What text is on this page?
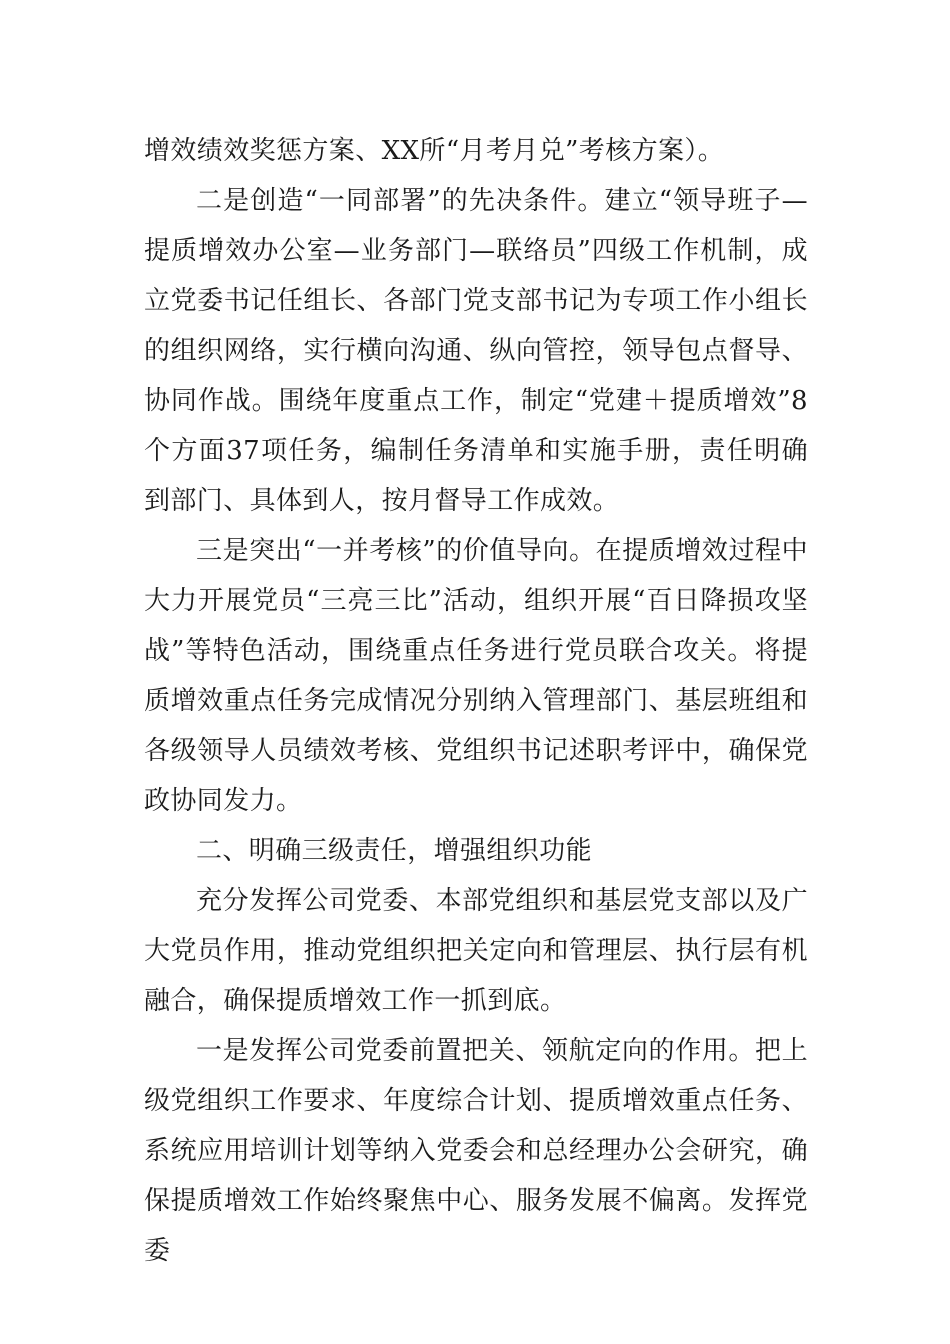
增效绩效奖惩方案、XX所“月考月兑”考核方案）。

二是创造“一同部署”的先决条件。建立“领导班子—提质增效办公室—业务部门—联络员”四级工作机制，成立党委书记任组长、各部门党支部书记为专项工作小组长的组织网络，实行横向沟通、纵向管控，领导包点督导、协同作战。围绕年度重点工作，制定“党建＋提质增效”8个方面37项任务，编制任务清单和实施手册，责任明确到部门、具体到人，按月督导工作成效。

三是突出“一并考核”的价值导向。在提质增效过程中大力开展党员“三亮三比”活动，组织开展“百日降损攻坚战”等特色活动，围绕重点任务进行党员联合攻关。将提质增效重点任务完成情况分别纳入管理部门、基层班组和各级领导人员绩效考核、党组织书记述职考评中，确保党政协同发力。

二、明确三级责任，增强组织功能

充分发挥公司党委、本部党组织和基层党支部以及广大党员作用，推动党组织把关定向和管理层、执行层有机融合，确保提质增效工作一抓到底。

一是发挥公司党委前置把关、领航定向的作用。把上级党组织工作要求、年度综合计划、提质增效重点任务、系统应用培训计划等纳入党委会和总经理办公会研究，确保提质增效工作始终聚焦中心、服务发展不偏离。发挥党委
